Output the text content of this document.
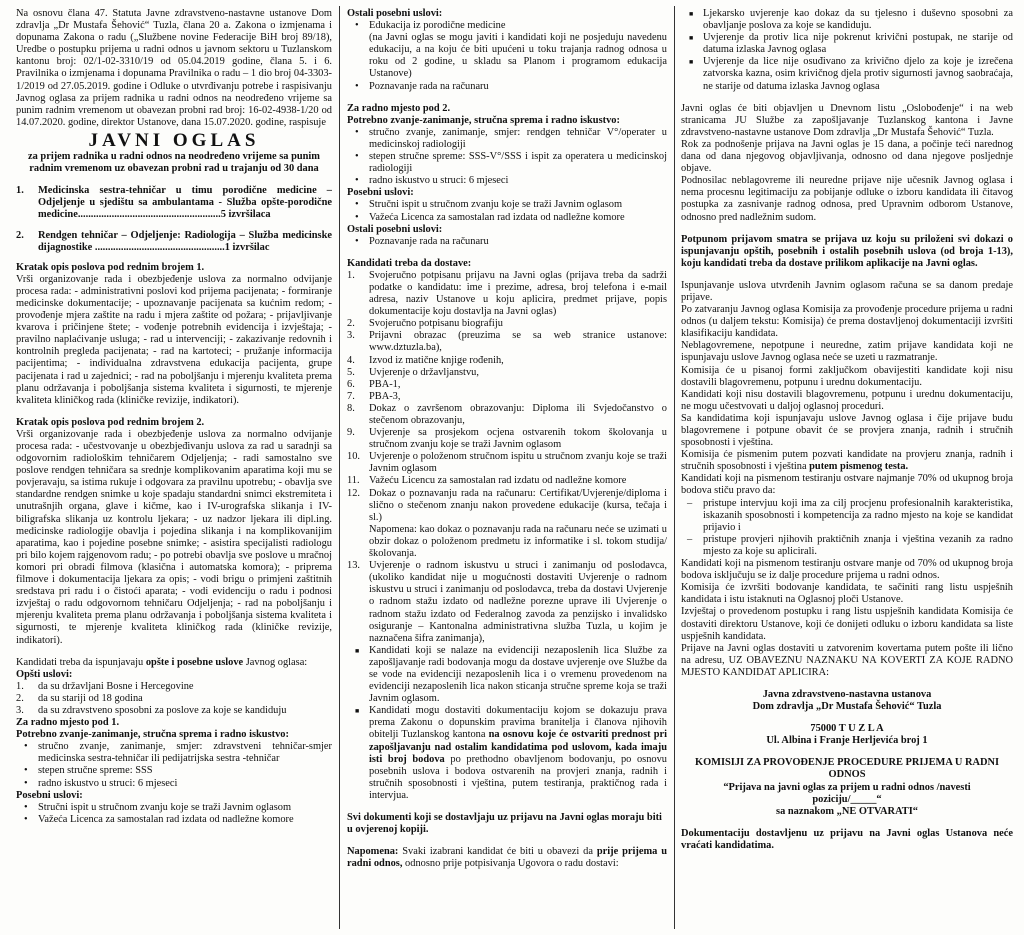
Na osnovu člana 47. Statuta Javne zdravstveno-nastavne ustanove Dom zdravlja „Dr Mustafa Šehović“ Tuzla, člana 20 a. Zakona o izmjenama i dopunama Zakona o radu („Službene novine Federacije BiH broj 89/18), Uredbe o postupku prijema u radni odnos u javnom sektoru u Tuzlanskom kantonu broj: 02/1-02-3310/19 od 05.04.2019 godine, člana 5. i 6. Pravilnika o izmjenama i dopunama Pravilnika o radu – 1 dio broj 04-3303-1/2019 od 27.05.2019. godine i Odluke o utvrđivanju potrebe i raspisivanju Javnog oglasa za prijem radnika u radni odnos na neodređeno vrijeme sa punim radnim vremenom ut obavezan probni rad broj: 16-02-4938-1/20 od 14.07.2020. godine, direktor Ustanove, dana 15.07.2020. godine, raspisuje

JAVNI OGLAS
za prijem radnika u radni odnos na neodređeno vrijeme sa punim radnim vremenom uz obavezan probni rad u trajanju od 30 dana
1.	Medicinska sestra-tehničar u timu porodične medicine – Odjeljenje u sjedištu sa ambulantama - Služba opšte-porodične medicine.......................................................5 izvršilaca
2.	Rendgen tehničar – Odjeljenje: Radiologija – Služba medicinske dijagnostike ..................................................1 izvršilac

Kratak opis poslova pod rednim brojem 1.

Vrši organizovanje rada i obezbjeđenje uslova za normalno odvijanje procesa rada: - administrativni poslovi kod prijema pacijenata; - formiranje medicinske dokumentacije; - upoznavanje pacijenata sa kućnim redom; - provođenje mjera zaštite na radu i mjera zaštite od požara; - prijavljivanje kvarova i pričinjene štete; - vođenje potrebnih evidencija i izvještaja; - pravilno naplaćivanje usluga; - rad u intervenciji; - zakazivanje redovnih i kontrolnih pregleda pacijenata; - rad na kartoteci; - pružanje informacija pacijentima; - individualna zdravstvena edukacija pacijenta, grupe pacijenata i rad u zajednici; - rad na poboljšanju i mjerenju kvaliteta prema planu održavanja i poboljšanja sistema kvaliteta i sigurnosti, te mjerenje kvaliteta kliničkog rada (kliničke revizije, indikatori).

Kratak opis poslova pod rednim brojem 2.

Vrši organizovanje rada i obezbjeđenje uslova za normalno odvijanje procesa rada: - učestvovanje u obezbjeđivanju uslova za rad u saradnji sa odgovornim radiološkim tehničarem Odjeljenja; - radi samostalno sve poslove rendgen tehničara sa srednje komplikovanim aparatima koji mu se povjeravaju, sa istima rukuje i odgovara za pravilnu upotrebu; - obavlja sve standardne rendgen snimke u koje spadaju standardni snimci ekstremiteta i unutrašnjih organa, glave i kičme, kao i IV-urografska slikanja i IV-biligrafska slikanja uz kontrolu ljekara; - uz nadzor ljekara ili dipl.ing. medicinske radiologije obavlja i pojedina slikanja i na komplikovanijim aparatima, kao i pojedine posebne snimke; - asistira specijalisti radiologu pri bilo kojem rajgenovom radu; - po potrebi obavlja sve poslove u mračnoj komori pri obradi filmova (klasična i automatska komora); - pripremа filmove i dokumentacija ljekara za opis; - vodi brigu o primjeni zaštitnih sredstava pri radu i o čistoći aparata; - vodi evidenciju o radu i podnosi izvještaj o radu odgovornom tehničaru Odjeljenja; - rad na poboljšanju i mjerenju kvaliteta prema planu održavanja i poboljšanja sistema kvaliteta i sigurnosti, te mjerenje kvaliteta kliničkog rada (kliničke revizije, indikatori).

Kandidati treba da ispunjavaju opšte i posebne uslove Javnog oglasa:

Opšti uslovi:

1.	da su državljani Bosne i Hercegovine
2.	da su stariji od 18 godina
3.	da su zdravstveno sposobni za poslove za koje se kandiduju

Za radno mjesto pod 1.

Potrebno zvanje-zanimanje, stručna sprema i radno iskustvo:

• stručno zvanje, zanimanje, smjer: zdravstveni tehničar-smjer medicinska sestra-tehničar ili pedijatrijska sestra -tehničar
• stepen stručne spreme: SSS
• radno iskustvo u struci: 6 mjeseci

Posebni uslovi:

• Stručni ispit u stručnom zvanju koje se traži Javnim oglasom
• Važeća Licenca za samostalan rad izdata od nadležne komore

Ostali posebni uslovi:

• Edukacija iz porodične medicine

(na Javni oglas se mogu javiti i kandidati koji ne posjeduju navedenu edukaciju, a na koju će biti upućeni u toku trajanja radnog odnosa u roku od 2 godine, u skladu sa Planom i programom edukacija Ustanove)

• Poznavanje rada na računaru

Za radno mjesto pod 2.

Potrebno zvanje-zanimanje, stručna sprema i radno iskustvo:

• stručno zvanje, zanimanje, smjer: rendgen tehničar V°/operater u medicinskoj radiologiji
• stepen stručne spreme: SSS-V°/SSS i ispit za operatera u medicinskoj radiologiji
• radno iskustvo u struci: 6 mjeseci

Posebni uslovi:

• Stručni ispit u stručnom zvanju koje se traži Javnim oglasom
• Važeća Licenca za samostalan rad izdata od nadležne komore

Ostali posebni uslovi:

• Poznavanje rada na računaru

Kandidati treba da dostave:

1.	Svojeručno potpisanu prijavu na Javni oglas (prijava treba da sadrži podatke o kandidatu: ime i prezime, adresa, broj telefona i e-mail adresa, naziv Ustanove u koju aplicira, predmet prijave, popis dokumentacije koju dostavlja na Javni oglas)
2.	Svojeručno potpisanu biografiju
3.	Prijavni obrazac (preuzima se sa web stranice ustanove: www.dztuzla.ba),
4.	Izvod iz matične knjige rođenih,
5.	Uvjerenje o državljanstvu,
6.	PBA-1,
7.	PBA-3,
8.	Dokaz o završenom obrazovanju: Diploma ili Svjedočanstvo o stečenom obrazovanju,
9.	Uvjerenje sa prosjekom ocjena ostvarenih tokom školovanja u stručnom zvanju koje se traži Javnim oglasom
10. Uvjerenje o položenom stručnom ispitu u stručnom zvanju koje se traži Javnim oglasom
11. Važeću Licencu za samostalan rad izdatu od nadležne komore
12. Dokaz o poznavanju rada na računaru: Certifikat/Uvjerenje/diploma i slično o stečenom znanju nakon provedene edukacije (kursa, tečaja i sl.)
Napomena: kao dokaz o poznavanju rada na računaru neće se uzimati u obzir dokaz o položenom predmetu iz informatike i sl. tokom studija/školovanja.
13. Uvjerenje o radnom iskustvu u struci i zanimanju od poslodavca, (ukoliko kandidat nije u mogućnosti dostaviti Uvjerenje o radnom iskustvu u struci i zanimanju od poslodavca, treba da dostavi Uvjerenje o radnom stažu izdato od nadležne porezne uprave ili Uvjerenje o radnom stažu izdato od Federalnog zavoda za penzijsko i invalidsko osiguranje – Kantonalna administrativna služba Tuzla, u kojim je naznačena šifra zanimanja),
■ Kandidati koji se nalaze na evidenciji nezaposlenih lica Službe za zapošljavanje radi bodovanja mogu da dostave uvjerenje ove Službe da se vode na evidenciji nezaposlenih lica i o vremenu provedenom na evidenciji nezaposlenih lica nakon sticanja stručne spreme koja se traži Javnim oglasom.
■ Kandidati mogu dostaviti dokumentaciju kojom se dokazuju prava prema Zakonu o dopunskim pravima branitelja i članova njihovih obitelji Tuzlanskog kantona na osnovu koje će ostvariti prednost pri zapošljavanju nad ostalim kandidatima pod uslovom, kada imaju isti broj bodova po prethodno obavljenom bodovanju, po osnovu posebnih uslova i bodova ostvarenih na provjeri znanja, radnih i stručnih sposobnosti i vještina, putem testiranja, praktičnog rada i intervjua.

Svi dokumenti koji se dostavljaju uz prijavu na Javni oglas moraju biti u ovjerenoj kopiji.

Napomena: Svaki izabrani kandidat će biti u obavezi da prije prijema u radni odnos, odnosno prije potpisivanja Ugovora o radu dostavi:

■ Ljekarsko uvjerenje kao dokaz da su tjelesno i duševno sposobni za obavljanje poslova za koje se kandiduju.
■ Uvjerenje da protiv lica nije pokrenut krivični postupak, ne starije od datuma izlaska Javnog oglasa
■ Uvjerenje da lice nije osuđivano za krivično djelo za koje je izrečena zatvorska kazna, osim krivičnog djela protiv sigurnosti javnog saobraćaja, ne starije od datuma izlaska Javnog oglasa

Javni oglas će biti objavljen u Dnevnom listu „Oslobođenje“ i na web stranicama JU Službe za zapošljavanje Tuzlanskog kantona i Javne zdravstveno-nastavne ustanove Dom zdravlja „Dr Mustafa Šehović“ Tuzla.

Rok za podnošenje prijava na Javni oglas je 15 dana, a počinje teći narednog dana od dana njegovog objavljivanja, odnosno od dana njegove posljednje objave.

Podnosilac neblagovreme ili neuredne prijave nije učesnik Javnog oglasa i nema procesnu legitimaciju za pobijanje odluke o izboru kandidata ili čitavog postupka za zasnivanje radnog odnosa, pred Upravnim odborom Ustanove, odnosno pred nadležnim sudom.

Potpunom prijavom smatra se prijava uz koju su priloženi svi dokazi o ispunjavanju opštih, posebnih i ostalih posebnih uslova (od broja 1-13), koju kandidati treba da dostave prilikom aplikacije na Javni oglas.

Ispunjavanje uslova utvrđenih Javnim oglasom računa se sa danom predaje prijave.

Po zatvaranju Javnog oglasa Komisija za provođenje procedure prijema u radni odnos (u daljem tekstu: Komisija) će prema dostavljenoj dokumentaciji izvršiti klasifikaciju kandidata.

Neblagovremene, nepotpune i neuredne, zatim prijave kandidata koji ne ispunjavaju uslove Javnog oglasa neće se uzeti u razmatranje.

Komisija će u pisanoj formi zaključkom obavijestiti kandidate koji nisu dostavili blagovremenu, potpunu i urednu dokumentaciju.

Kandidati koji nisu dostavili blagovremenu, potpunu i urednu dokumentaciju, ne mogu učestvovati u daljoj oglasnoj proceduri.

Sa kandidatima koji ispunjavaju uslove Javnog oglasa i čije prijave budu blagovremene i potpune obavit će se provjera znanja, radnih i stručnih sposobnosti i vještina.

Komisija će pismenim putem pozvati kandidate na provjeru znanja, radnih i stručnih sposobnosti i vještina putem pismenog testa.

Kandidati koji na pismenom testiranju ostvare najmanje 70% od ukupnog broja bodova stiču pravo da:

– pristupe intervjuu koji ima za cilj procjenu profesionalnih karakteristika, iskazanih sposobnosti i kompetencija za radno mjesto na koje se kandidat prijavio i
– pristupe provjeri njihovih praktičnih znanja i vještina vezanih za radno mjesto za koje su aplicirali.

Kandidati koji na pismenom testiranju ostvare manje od 70% od ukupnog broja bodova isključuju se iz dalje procedure prijema u radni odnos.

Komisija će izvršiti bodovanje kandidata, te sačiniti rang listu uspješnih kandidata i istu istaknuti na Oglasnoj ploči Ustanove.

Izvještaj o provedenom postupku i rang listu uspješnih kandidata Komisija će dostaviti direktoru Ustanove, koji će donijeti odluku o izboru kandidata sa liste uspješnih kandidata.

Prijave na Javni oglas dostaviti u zatvorenim kovertama putem pošte ili lično na adresu, UZ OBAVEZNU NAZNAKU NA KOVERTI ZA KOJE RADNO MJESTO KANDIDAT APLICIRA:

Javna zdravstveno-nastavna ustanova

Dom zdravlja „Dr Mustafa Šehović“ Tuzla

75000 T U Z L A

Ul. Albina i Franje Herljevića broj 1

KOMISIJI ZA PROVOĐENJE PROCEDURE PRIJEMA U RADNI ODNOS

“Prijava na javni oglas za prijem u radni odnos /navesti poziciju/_____“

sa naznakom „NE OTVARATI“

Dokumentaciju dostavljenu uz prijavu na Javni oglas Ustanova neće vraćati kandidatima.
